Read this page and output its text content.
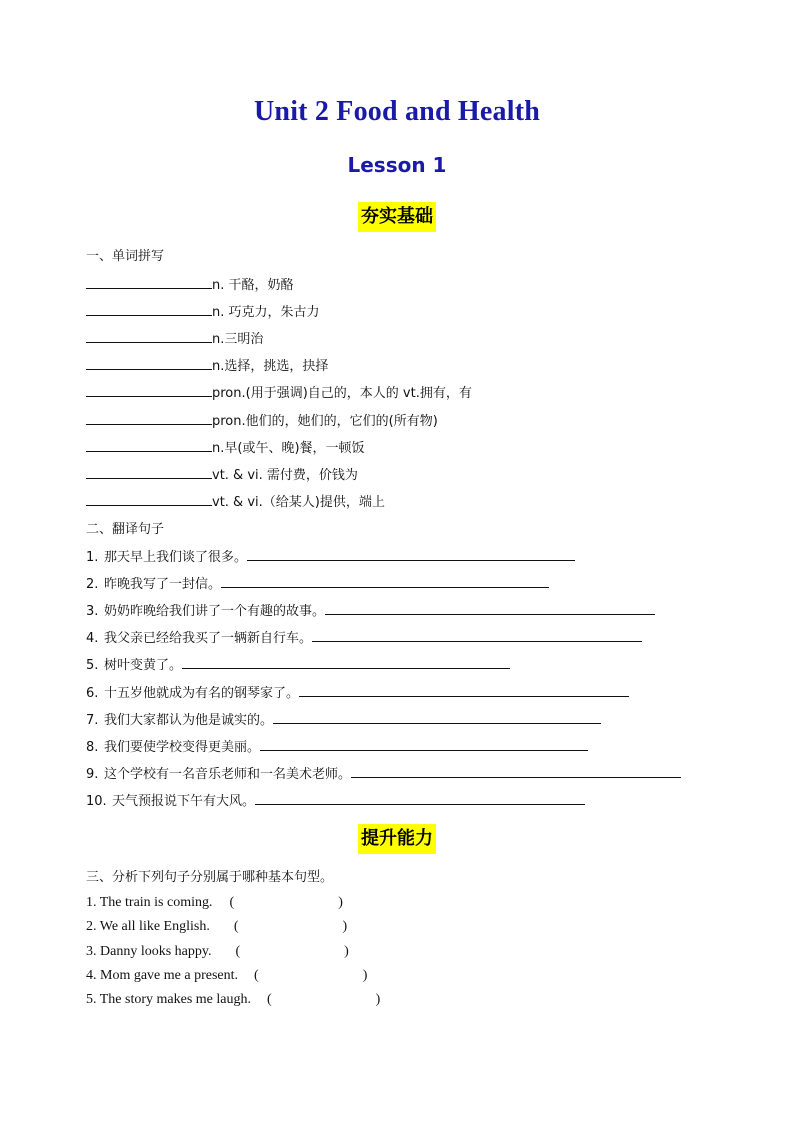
Unit 2 Food and Health
Lesson 1
夯实基础
一、单词拼写
n. 干酪，奶酪
n. 巧克力，朱古力
n.三明治
n.选择，挑选，抉择
pron.(用于强调)自己的，本人的 vt.拥有，有
pron.他们的，她们的，它们的(所有物)
n.早(或午、晚)餐，一顿饭
vt. & vi. 需付费，价钱为
vt. & vi.（给某人)提供，端上
二、翻译句子
1. 那天早上我们谈了很多。
2. 昨晚我写了一封信。
3. 奶奶昨晚给我们讲了一个有趣的故事。
4. 我父亲已经给我买了一辆新自行车。
5. 树叶变黄了。
6. 十五岁他就成为有名的钢琴家了。
7. 我们大家都认为他是诚实的。
8. 我们要使学校变得更美丽。
9. 这个学校有一名音乐老师和一名美术老师。
10. 天气预报说下午有大风。
提升能力
三、分析下列句子分别属于哪种基本句型。
1. The train is coming. (	)
2. We all like English. (	)
3. Danny looks happy. (	)
4. Mom gave me a present. (	)
5. The story makes me laugh. (	)
